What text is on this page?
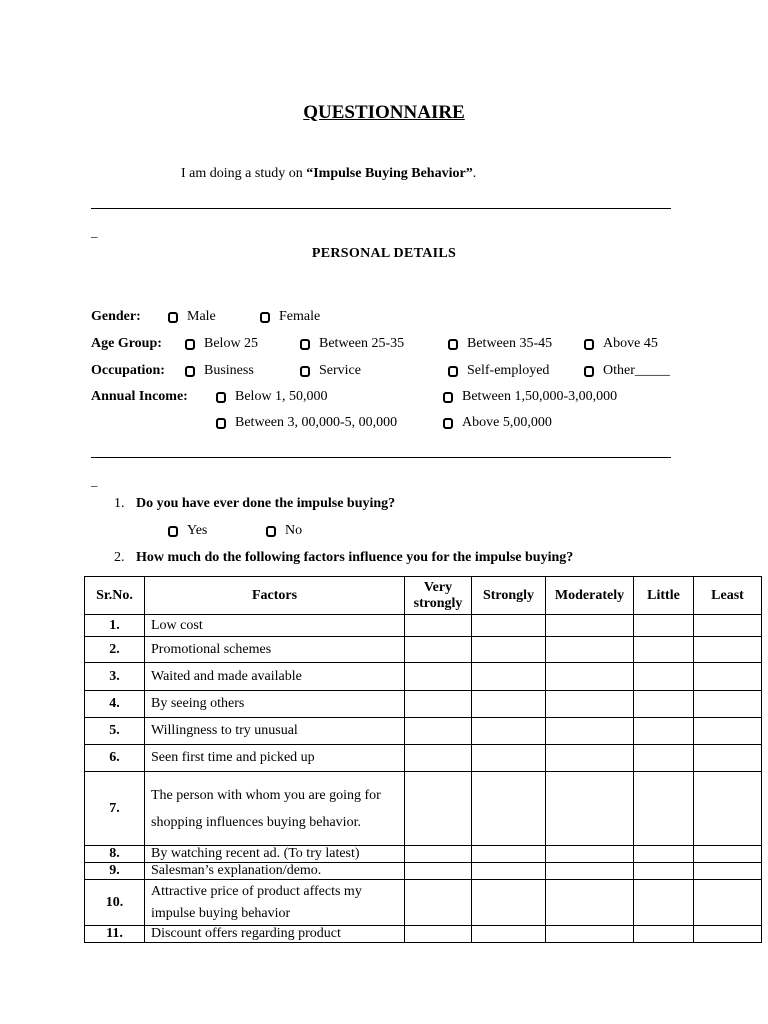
QUESTIONNAIRE
I am doing a study on “Impulse Buying Behavior”.
_
PERSONAL DETAILS
Gender:	Male	Female
Age Group:	Below 25	Between 25-35	Between 35-45	Above 45
Occupation:	Business	Service	Self-employed	Other_____
Annual Income:	Below 1, 50,000	Between 1,50,000-3,00,000
Between 3, 00,000-5, 00,000	Above 5,00,000
_
1. Do you have ever done the impulse buying?
Yes	No
2. How much do the following factors influence you for the impulse buying?
Sr.No.	Factors	Very strongly	Strongly	Moderately	Little	Least
1.	Low cost					
2.	Promotional schemes					
3.	Waited and made available					
4.	By seeing others					
5.	Willingness to try unusual					
6.	Seen first time and picked up					
7.	The person with whom you are going for shopping influences buying behavior.					
8.	By watching recent ad. (To try latest)					
9.	Salesman’s explanation/demo.					
10.	Attractive price of product affects my impulse buying behavior					
11.	Discount offers regarding product					
